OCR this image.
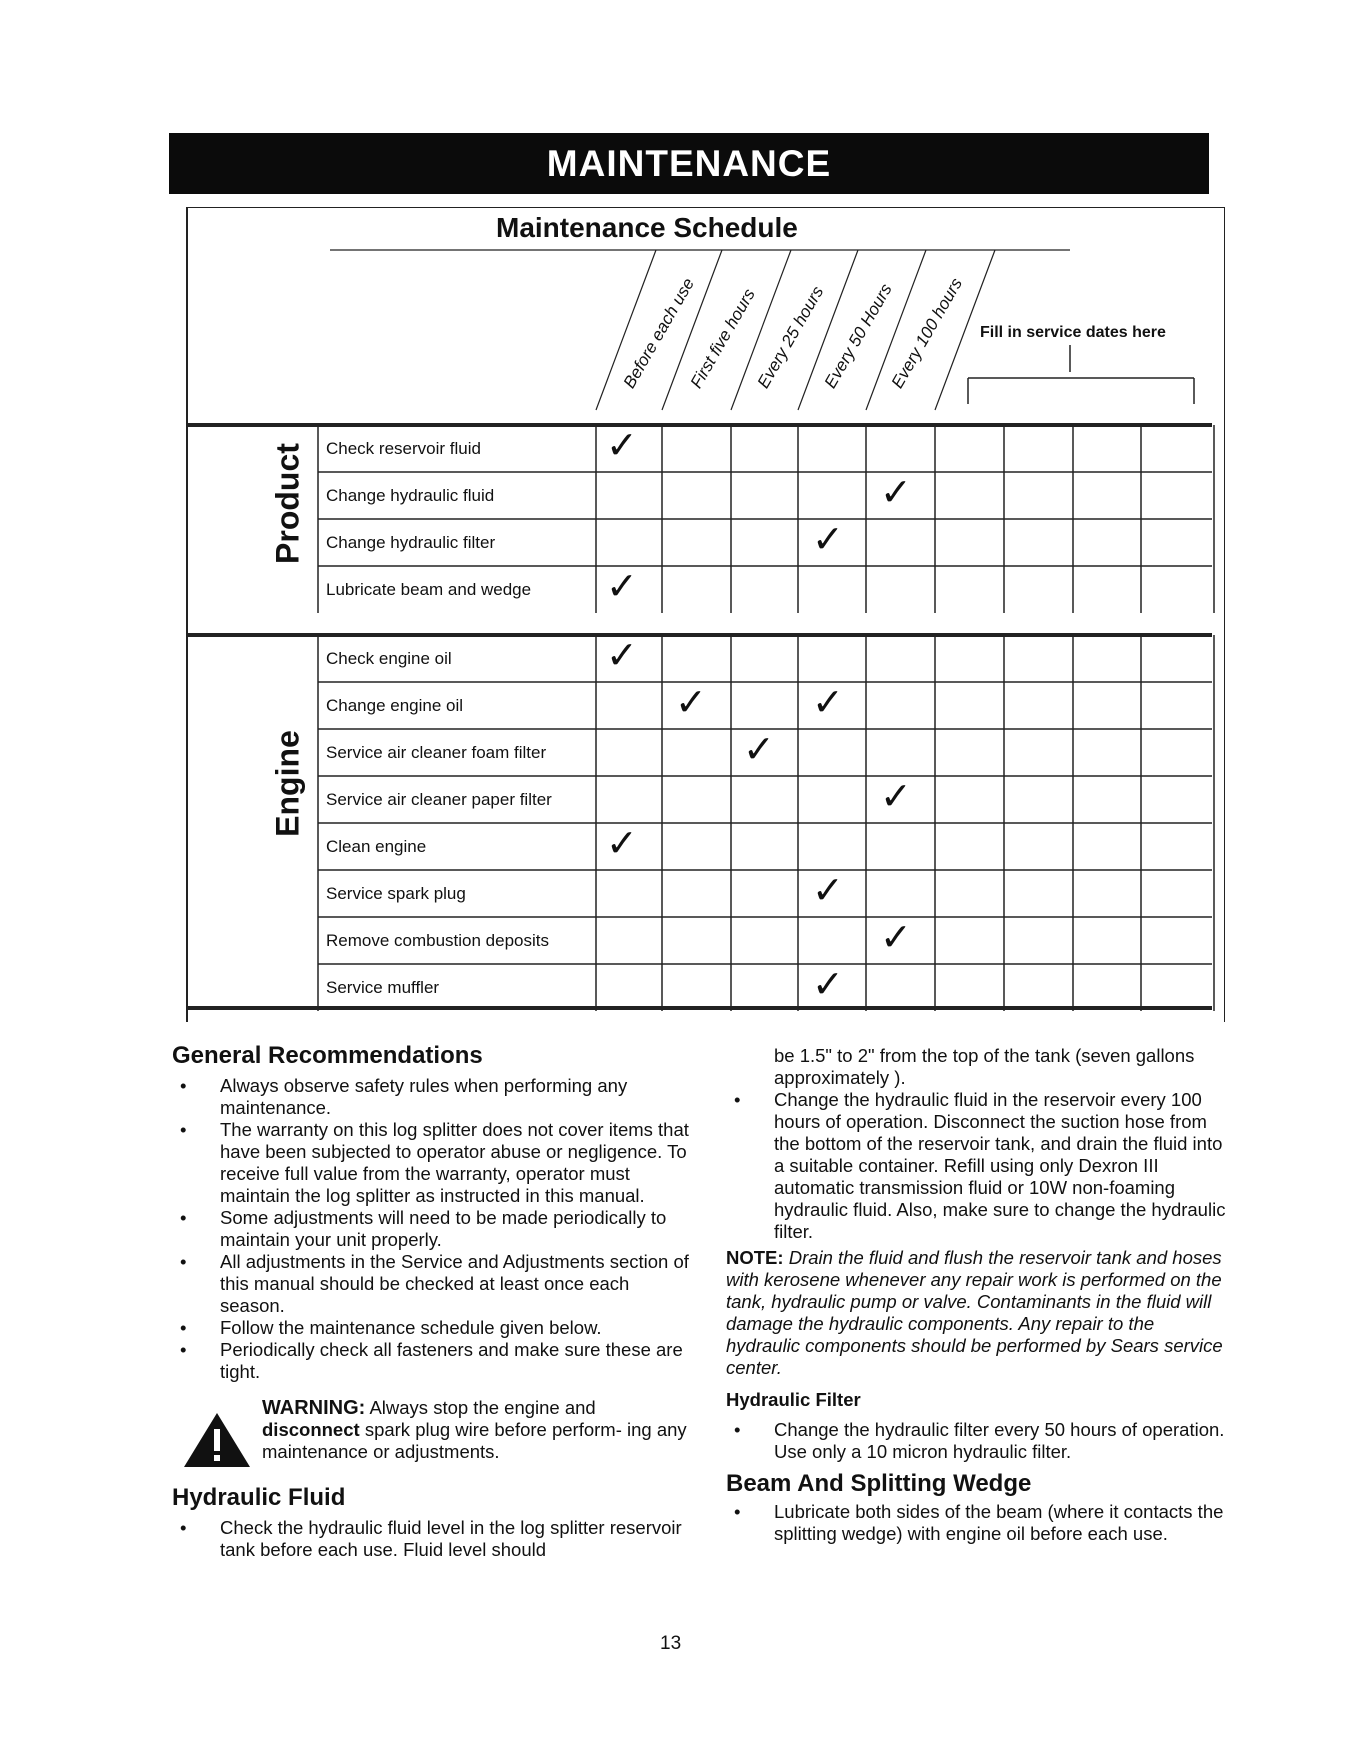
MAINTENANCE
Maintenance Schedule
Before each use
First five hours
Every 25 hours
Every 50 Hours
Every 100 hours Fill in service dates here
Product
Engine
Check reservoir fluid
Change hydraulic fluid
Change hydraulic filter
Lubricate beam and wedge
Check engine oil
Change engine oil
Service air cleaner foam filter
Service air cleaner paper filter
Clean engine
Service spark plug
Remove combustion deposits
Service muffler
✓
✓
✓
✓
✓
✓	✓
✓
✓
✓
✓
✓
✓
General Recommendations
• Always observe safety rules when performing any maintenance.
• The warranty on this log splitter does not cover items that have been subjected to operator abuse or negligence. To receive full value from the warranty, operator must maintain the log splitter as instructed in this manual.
• Some adjustments will need to be made periodically to maintain your unit properly.
• All adjustments in the Service and Adjustments section of this manual should be checked at least once each season.
• Follow the maintenance schedule given below.
• Periodically check all fasteners and make sure these are tight.
WARNING: Always stop the engine and disconnect spark plug wire before perform- ing any maintenance or adjustments.
Hydraulic Fluid
• Check the hydraulic fluid level in the log splitter reservoir tank before each use. Fluid level should
be 1.5" to 2" from the top of the tank (seven gallons approximately ).
• Change the hydraulic fluid in the reservoir every 100 hours of operation. Disconnect the suction hose from the bottom of the reservoir tank, and drain the fluid into a suitable container. Refill using only Dexron III automatic transmission fluid or 10W non-foaming hydraulic fluid. Also, make sure to change the hydraulic filter.
NOTE: Drain the fluid and flush the reservoir tank and hoses with kerosene whenever any repair work is performed on the tank, hydraulic pump or valve. Contaminants in the fluid will damage the hydraulic components. Any repair to the hydraulic components should be performed by Sears service center.
Hydraulic Filter
• Change the hydraulic filter every 50 hours of operation. Use only a 10 micron hydraulic filter.
Beam And Splitting Wedge
• Lubricate both sides of the beam (where it contacts the splitting wedge) with engine oil before each use.
13
